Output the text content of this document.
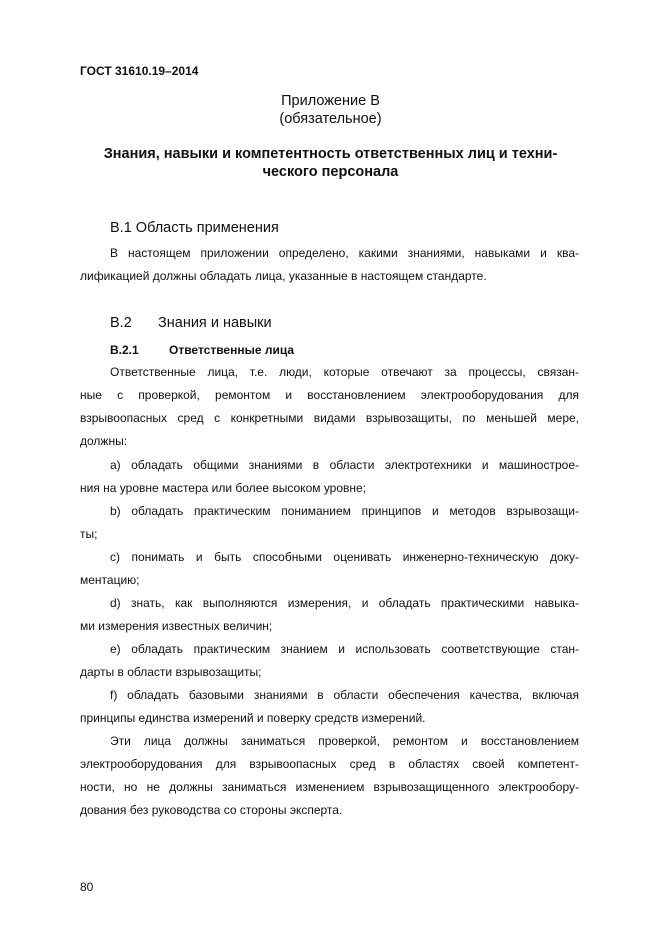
ГОСТ 31610.19–2014
Приложение В
(обязательное)
Знания, навыки и компетентность ответственных лиц и техни-
ческого персонала
В.1 Область применения
В настоящем приложении определено, какими знаниями, навыками и ква-
лификацией должны обладать лица, указанные в настоящем стандарте.
В.2 Знания и навыки
В.2.1	Ответственные лица
Ответственные лица, т.е. люди, которые отвечают за процессы, связан-
ные с проверкой, ремонтом и восстановлением электрооборудования для
взрывоопасных сред с конкретными видами взрывозащиты, по меньшей мере,
должны:
a) обладать общими знаниями в области электротехники и машинострое-
ния на уровне мастера или более высоком уровне;
b) обладать практическим пониманием принципов и методов взрывозащи-
ты;
c) понимать и быть способными оценивать инженерно-техническую доку-
ментацию;
d) знать, как выполняются измерения, и обладать практическими навыка-
ми измерения известных величин;
e) обладать практическим знанием и использовать соответствующие стан-
дарты в области взрывозащиты;
f) обладать базовыми знаниями в области обеспечения качества, включая
принципы единства измерений и поверку средств измерений.
Эти лица должны заниматься проверкой, ремонтом и восстановлением
электрооборудования для взрывоопасных сред в областях своей компетент-
ности, но не должны заниматься изменением взрывозащищенного электрообору-
дования без руководства со стороны эксперта.
80
